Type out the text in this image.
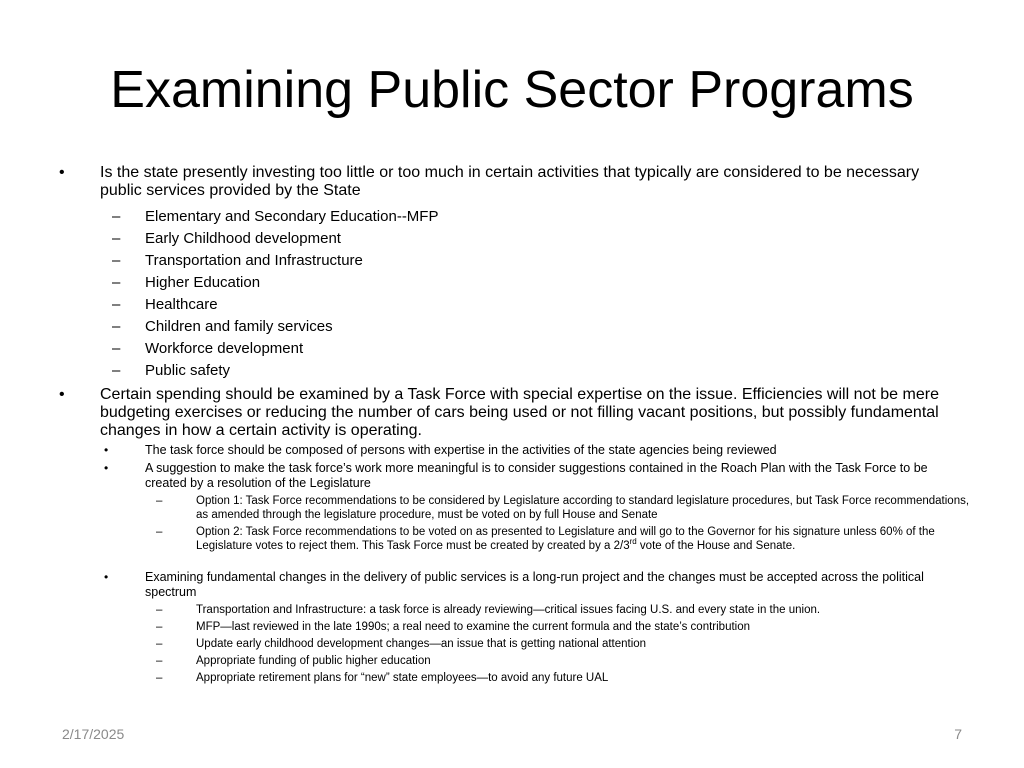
Examining Public Sector Programs
•	Is the state presently investing too little or too much in certain activities that typically are considered to be necessary public services provided by the State
– Elementary and Secondary Education--MFP
– Early Childhood development
– Transportation and Infrastructure
– Higher Education
– Healthcare
– Children and family services
– Workforce development
– Public safety
•	Certain spending should be examined by a Task Force with special expertise on the issue. Efficiencies will not be mere budgeting exercises or reducing the number of cars being used or not filling vacant positions, but possibly fundamental changes in how a certain activity is operating.
•	The task force should be composed of persons with expertise in the activities of the state agencies being reviewed
•	A suggestion to make the task force’s work more meaningful is to consider suggestions contained in the Roach Plan with the Task Force to be created by a resolution of the Legislature
–	Option 1: Task Force recommendations to be considered by Legislature according to standard legislature procedures, but Task Force recommendations, as amended through the legislature procedure, must be voted on by full House and Senate
–	Option 2: Task Force recommendations to be voted on as presented to Legislature and will go to the Governor for his signature unless 60% of the Legislature votes to reject them. This Task Force must be created by created by a 2/3rd vote of the House and Senate.
•	Examining fundamental changes in the delivery of public services is a long-run project and the changes must be accepted across the political spectrum
–	Transportation and Infrastructure: a task force is already reviewing—critical issues facing U.S. and every state in the union.
–	MFP—last reviewed in the late 1990s; a real need to examine the current formula and the state’s contribution
–	Update early childhood development changes—an issue that is getting national attention
–	Appropriate funding of public higher education
–	Appropriate retirement plans for “new” state employees—to avoid any future UAL
2/17/2025	7
